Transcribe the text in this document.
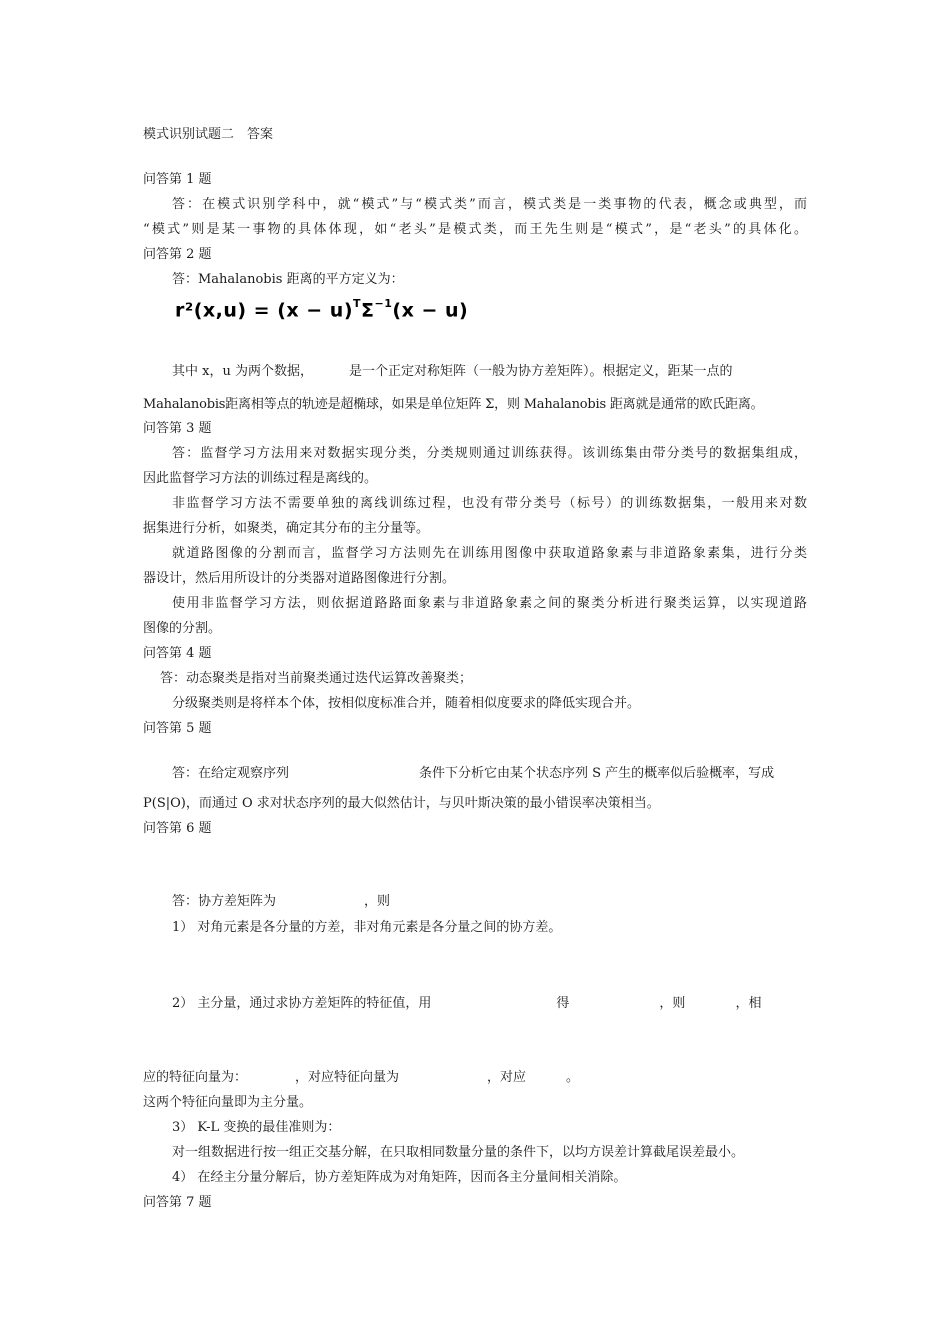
模式识别试题二　答案
问答第 1 题
答：在模式识别学科中，就“模式”与“模式类”而言，模式类是一类事物的代表，概念或典型，而
“模式”则是某一事物的具体体现，如“老头”是模式类，而王先生则是“模式”，是“老头”的具体化。
问答第 2 题
答：Mahalanobis 距离的平方定义为：
$r^2(x,u) = (x - u)^T\Sigma^{-1}(x - u)$
其中 x，u 为两个数据，	是一个正定对称矩阵（一般为协方差矩阵）。根据定义，距某一点的
Mahalanobis距离相等点的轨迹是超椭球，如果是单位矩阵 Σ，则 Mahalanobis 距离就是通常的欧氏距离。
问答第 3 题
答：监督学习方法用来对数据实现分类，分类规则通过训练获得。该训练集由带分类号的数据集组成，
因此监督学习方法的训练过程是离线的。
非监督学习方法不需要单独的离线训练过程，也没有带分类号（标号）的训练数据集，一般用来对数
据集进行分析，如聚类，确定其分布的主分量等。
就道路图像的分割而言，监督学习方法则先在训练用图像中获取道路象素与非道路象素集，进行分类
器设计，然后用所设计的分类器对道路图像进行分割。
使用非监督学习方法，则依据道路路面象素与非道路象素之间的聚类分析进行聚类运算，以实现道路
图像的分割。
问答第 4 题
答：动态聚类是指对当前聚类通过迭代运算改善聚类；
分级聚类则是将样本个体，按相似度标准合并，随着相似度要求的降低实现合并。
问答第 5 题
答：在给定观察序列	条件下分析它由某个状态序列 S 产生的概率似后验概率，写成
P(S|O)，而通过 O 求对状态序列的最大似然估计，与贝叶斯决策的最小错误率决策相当。
问答第 6 题
答：协方差矩阵为	，则
1） 对角元素是各分量的方差，非对角元素是各分量之间的协方差。
2） 主分量，通过求协方差矩阵的特征值，用	得	，则	，相
应的特征向量为：	，对应特征向量为	，对应	。
这两个特征向量即为主分量。
3） K-L 变换的最佳准则为：
对一组数据进行按一组正交基分解，在只取相同数量分量的条件下，以均方误差计算截尾误差最小。
4） 在经主分量分解后，协方差矩阵成为对角矩阵，因而各主分量间相关消除。
问答第 7 题
